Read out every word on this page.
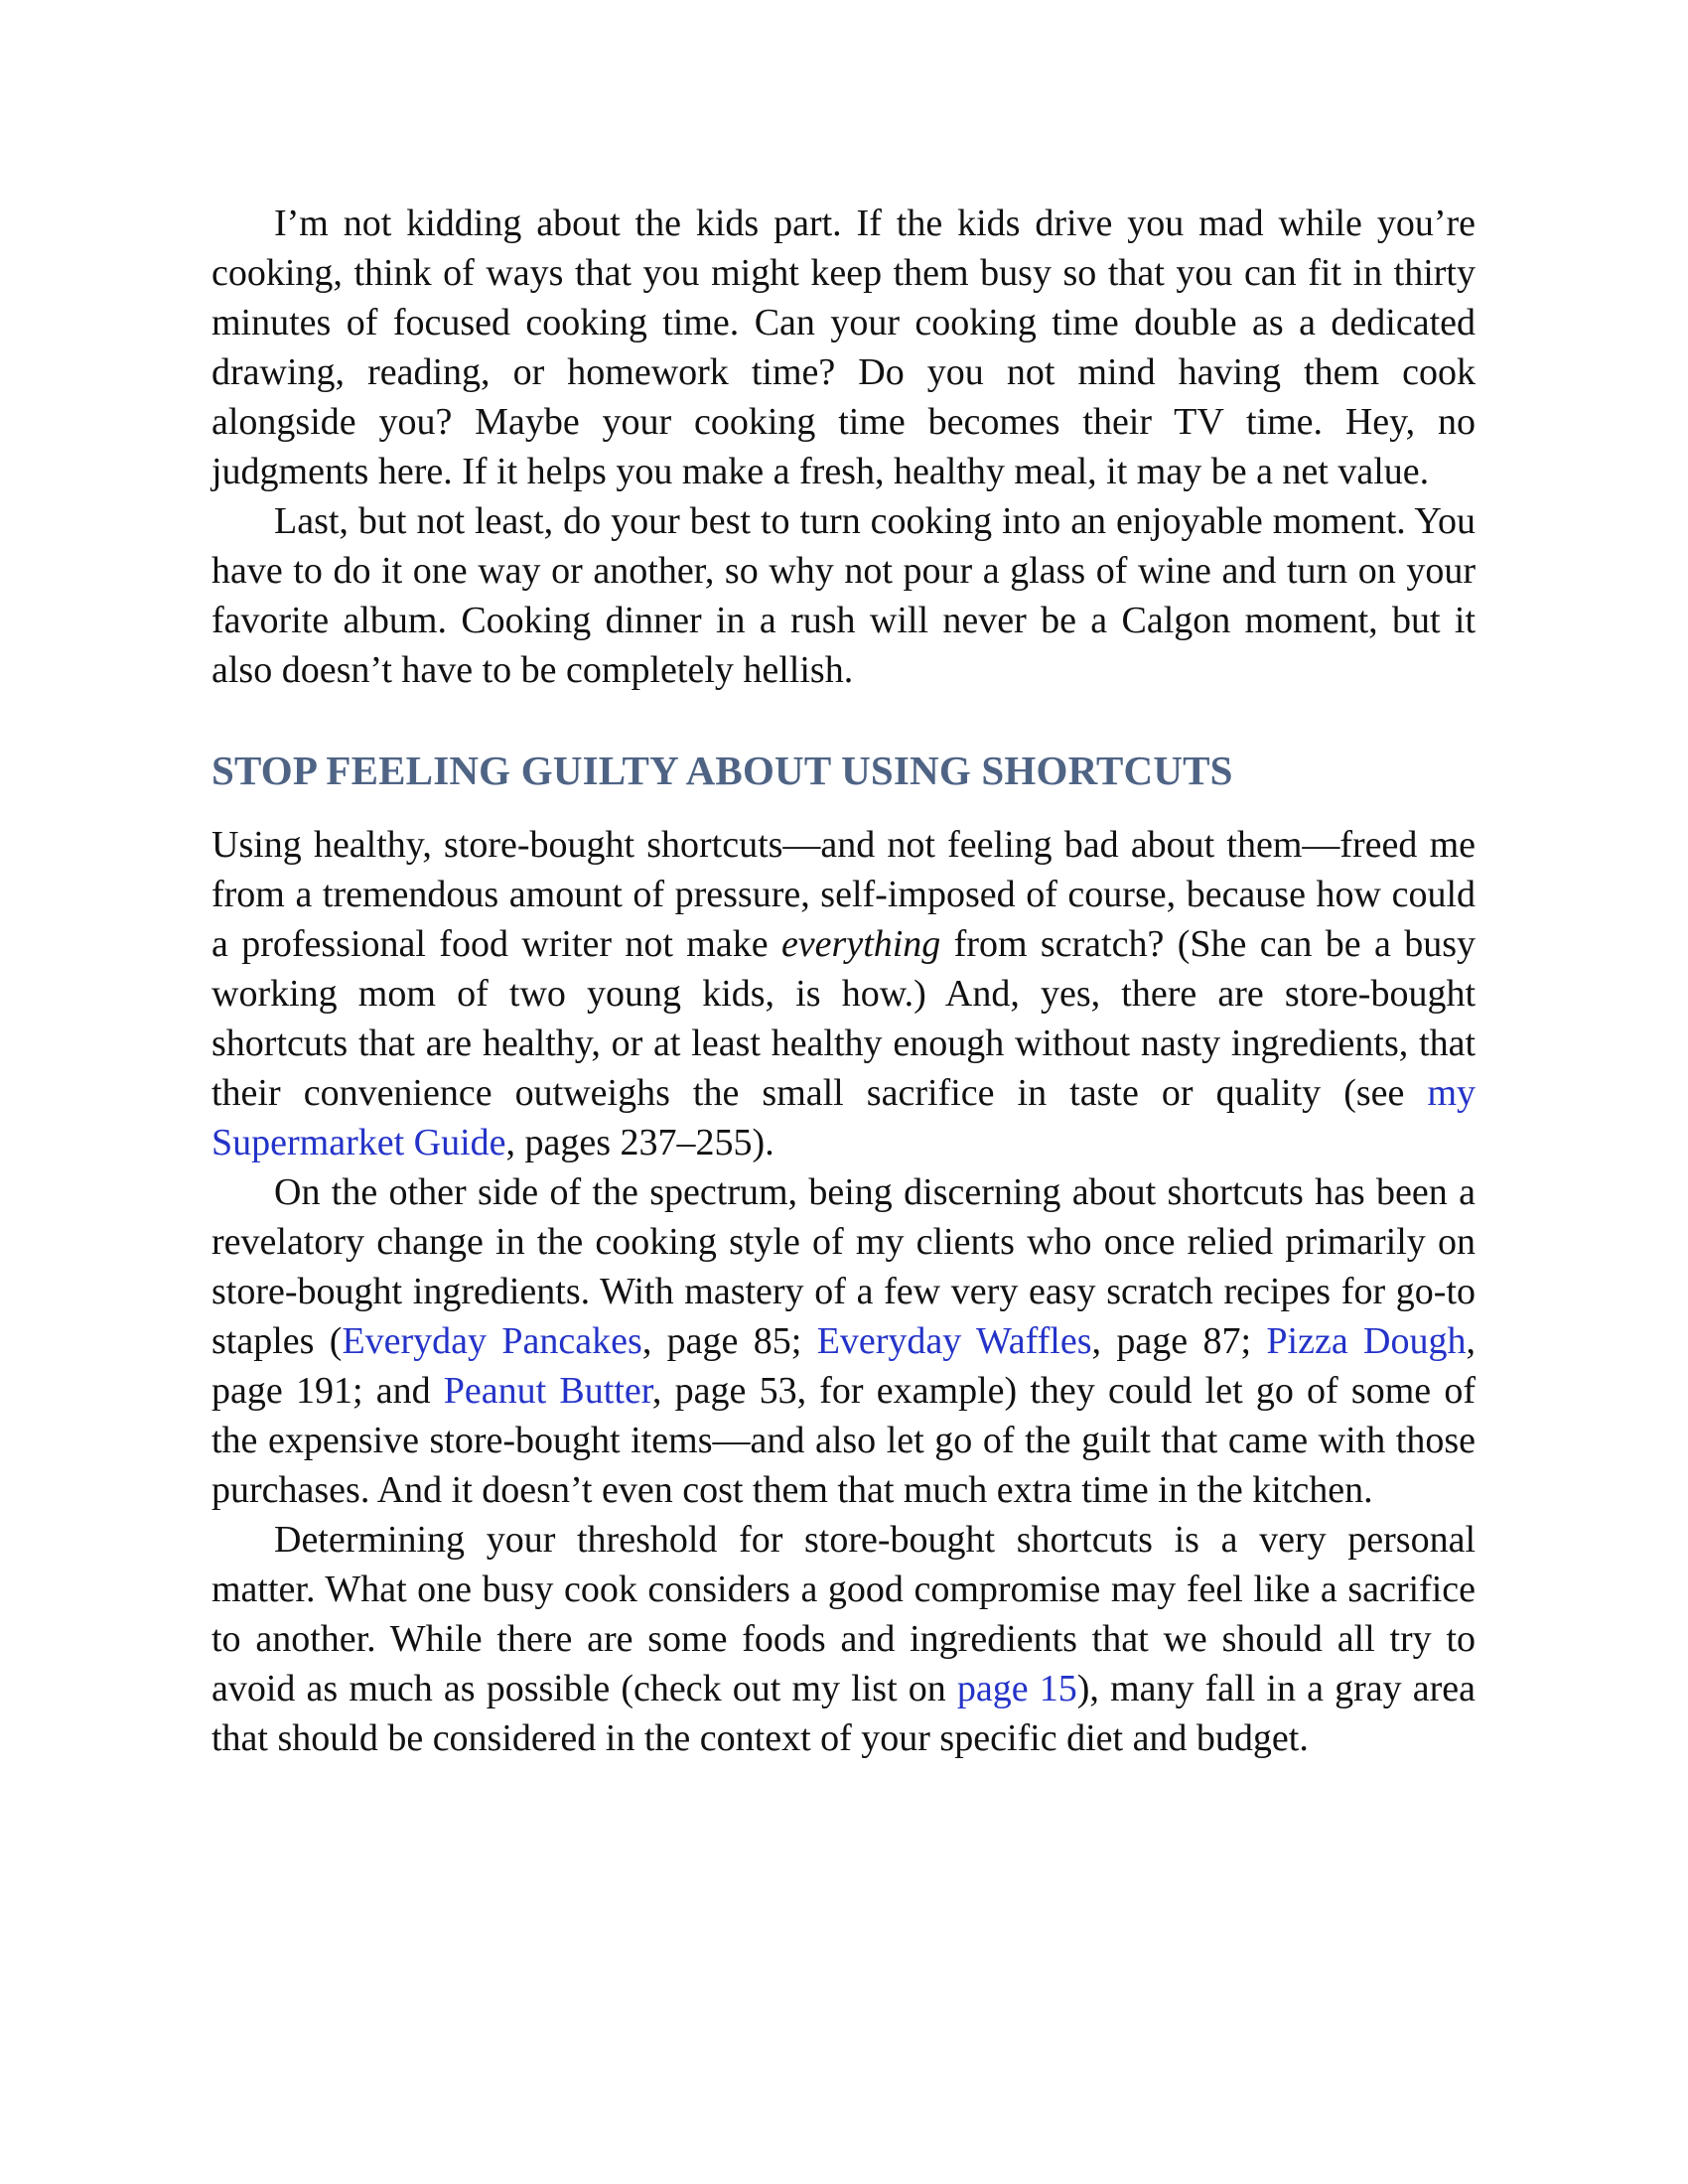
I’m not kidding about the kids part. If the kids drive you mad while you’re cooking, think of ways that you might keep them busy so that you can fit in thirty minutes of focused cooking time. Can your cooking time double as a dedicated drawing, reading, or homework time? Do you not mind having them cook alongside you? Maybe your cooking time becomes their TV time. Hey, no judgments here. If it helps you make a fresh, healthy meal, it may be a net value.

Last, but not least, do your best to turn cooking into an enjoyable moment. You have to do it one way or another, so why not pour a glass of wine and turn on your favorite album. Cooking dinner in a rush will never be a Calgon moment, but it also doesn’t have to be completely hellish.

STOP FEELING GUILTY ABOUT USING SHORTCUTS

Using healthy, store-bought shortcuts—and not feeling bad about them—freed me from a tremendous amount of pressure, self-imposed of course, because how could a professional food writer not make everything from scratch? (She can be a busy working mom of two young kids, is how.) And, yes, there are store-bought shortcuts that are healthy, or at least healthy enough without nasty ingredients, that their convenience outweighs the small sacrifice in taste or quality (see my Supermarket Guide, pages 237–255).

On the other side of the spectrum, being discerning about shortcuts has been a revelatory change in the cooking style of my clients who once relied primarily on store-bought ingredients. With mastery of a few very easy scratch recipes for go-to staples (Everyday Pancakes, page 85; Everyday Waffles, page 87; Pizza Dough, page 191; and Peanut Butter, page 53, for example) they could let go of some of the expensive store-bought items—and also let go of the guilt that came with those purchases. And it doesn’t even cost them that much extra time in the kitchen.

Determining your threshold for store-bought shortcuts is a very personal matter. What one busy cook considers a good compromise may feel like a sacrifice to another. While there are some foods and ingredients that we should all try to avoid as much as possible (check out my list on page 15), many fall in a gray area that should be considered in the context of your specific diet and budget.
